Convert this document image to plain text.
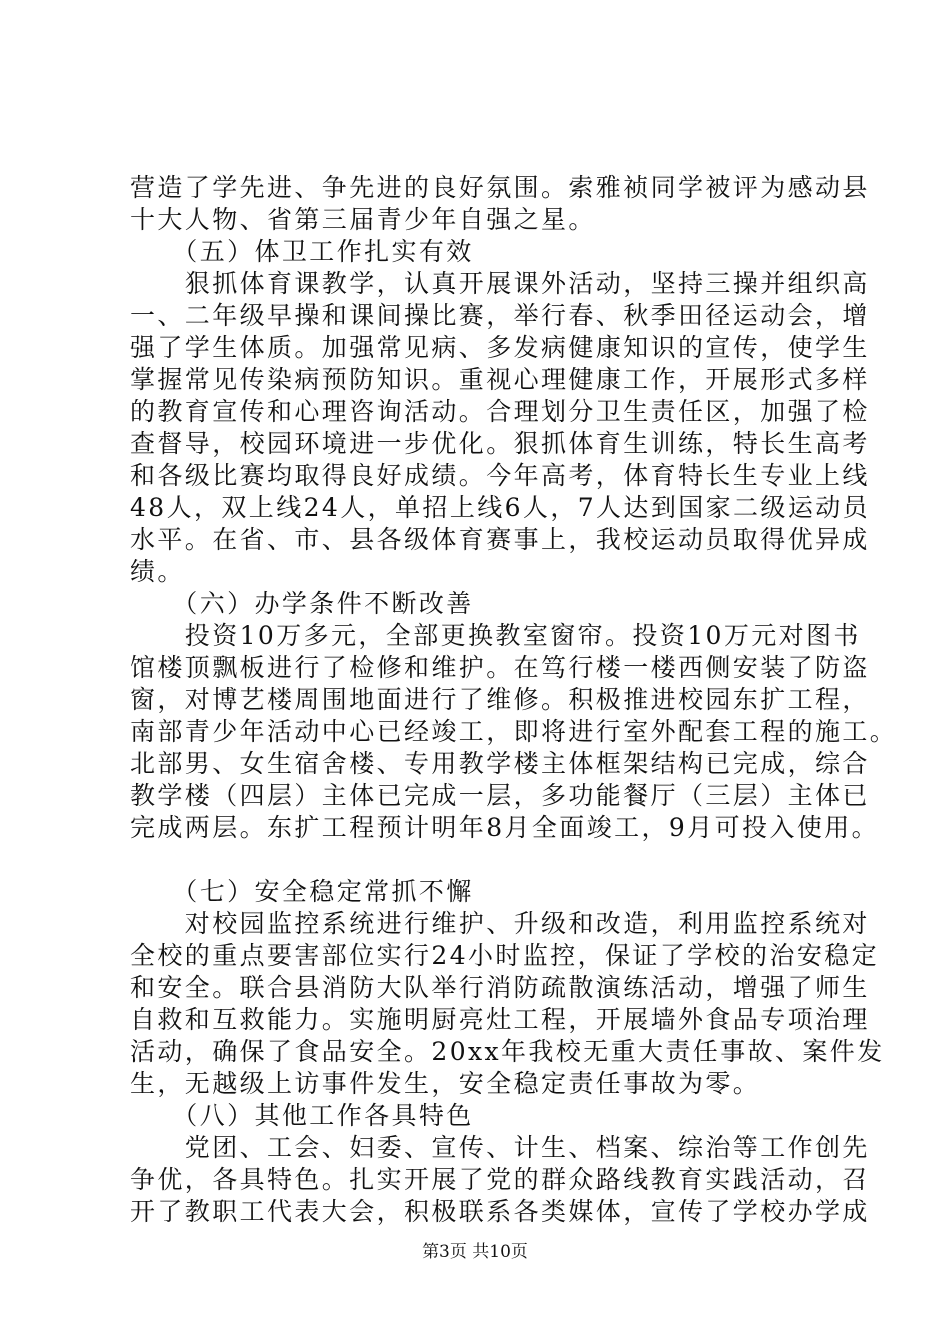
营造了学先进、争先进的良好氛围。索雅祯同学被评为感动县
十大人物、省第三届青少年自强之星。
　　（五）体卫工作扎实有效
　　狠抓体育课教学，认真开展课外活动，坚持三操并组织高
一、二年级早操和课间操比赛，举行春、秋季田径运动会，增
强了学生体质。加强常见病、多发病健康知识的宣传，使学生
掌握常见传染病预防知识。重视心理健康工作，开展形式多样
的教育宣传和心理咨询活动。合理划分卫生责任区，加强了检
查督导，校园环境进一步优化。狠抓体育生训练，特长生高考
和各级比赛均取得良好成绩。今年高考，体育特长生专业上线
48人，双上线24人，单招上线6人，7人达到国家二级运动员
水平。在省、市、县各级体育赛事上，我校运动员取得优异成
绩。
　　（六）办学条件不断改善
　　投资10万多元，全部更换教室窗帘。投资10万元对图书
馆楼顶飘板进行了检修和维护。在笃行楼一楼西侧安装了防盗
窗，对博艺楼周围地面进行了维修。积极推进校园东扩工程，
南部青少年活动中心已经竣工，即将进行室外配套工程的施工。
北部男、女生宿舍楼、专用教学楼主体框架结构已完成，综合
教学楼（四层）主体已完成一层，多功能餐厅（三层）主体已
完成两层。东扩工程预计明年8月全面竣工，9月可投入使用。
　　（七）安全稳定常抓不懈
　　对校园监控系统进行维护、升级和改造，利用监控系统对
全校的重点要害部位实行24小时监控，保证了学校的治安稳定
和安全。联合县消防大队举行消防疏散演练活动，增强了师生
自救和互救能力。实施明厨亮灶工程，开展墙外食品专项治理
活动，确保了食品安全。20xx年我校无重大责任事故、案件发
生，无越级上访事件发生，安全稳定责任事故为零。
　　（八）其他工作各具特色
　　党团、工会、妇委、宣传、计生、档案、综治等工作创先
争优，各具特色。扎实开展了党的群众路线教育实践活动，召
开了教职工代表大会，积极联系各类媒体，宣传了学校办学成
第3页 共10页
